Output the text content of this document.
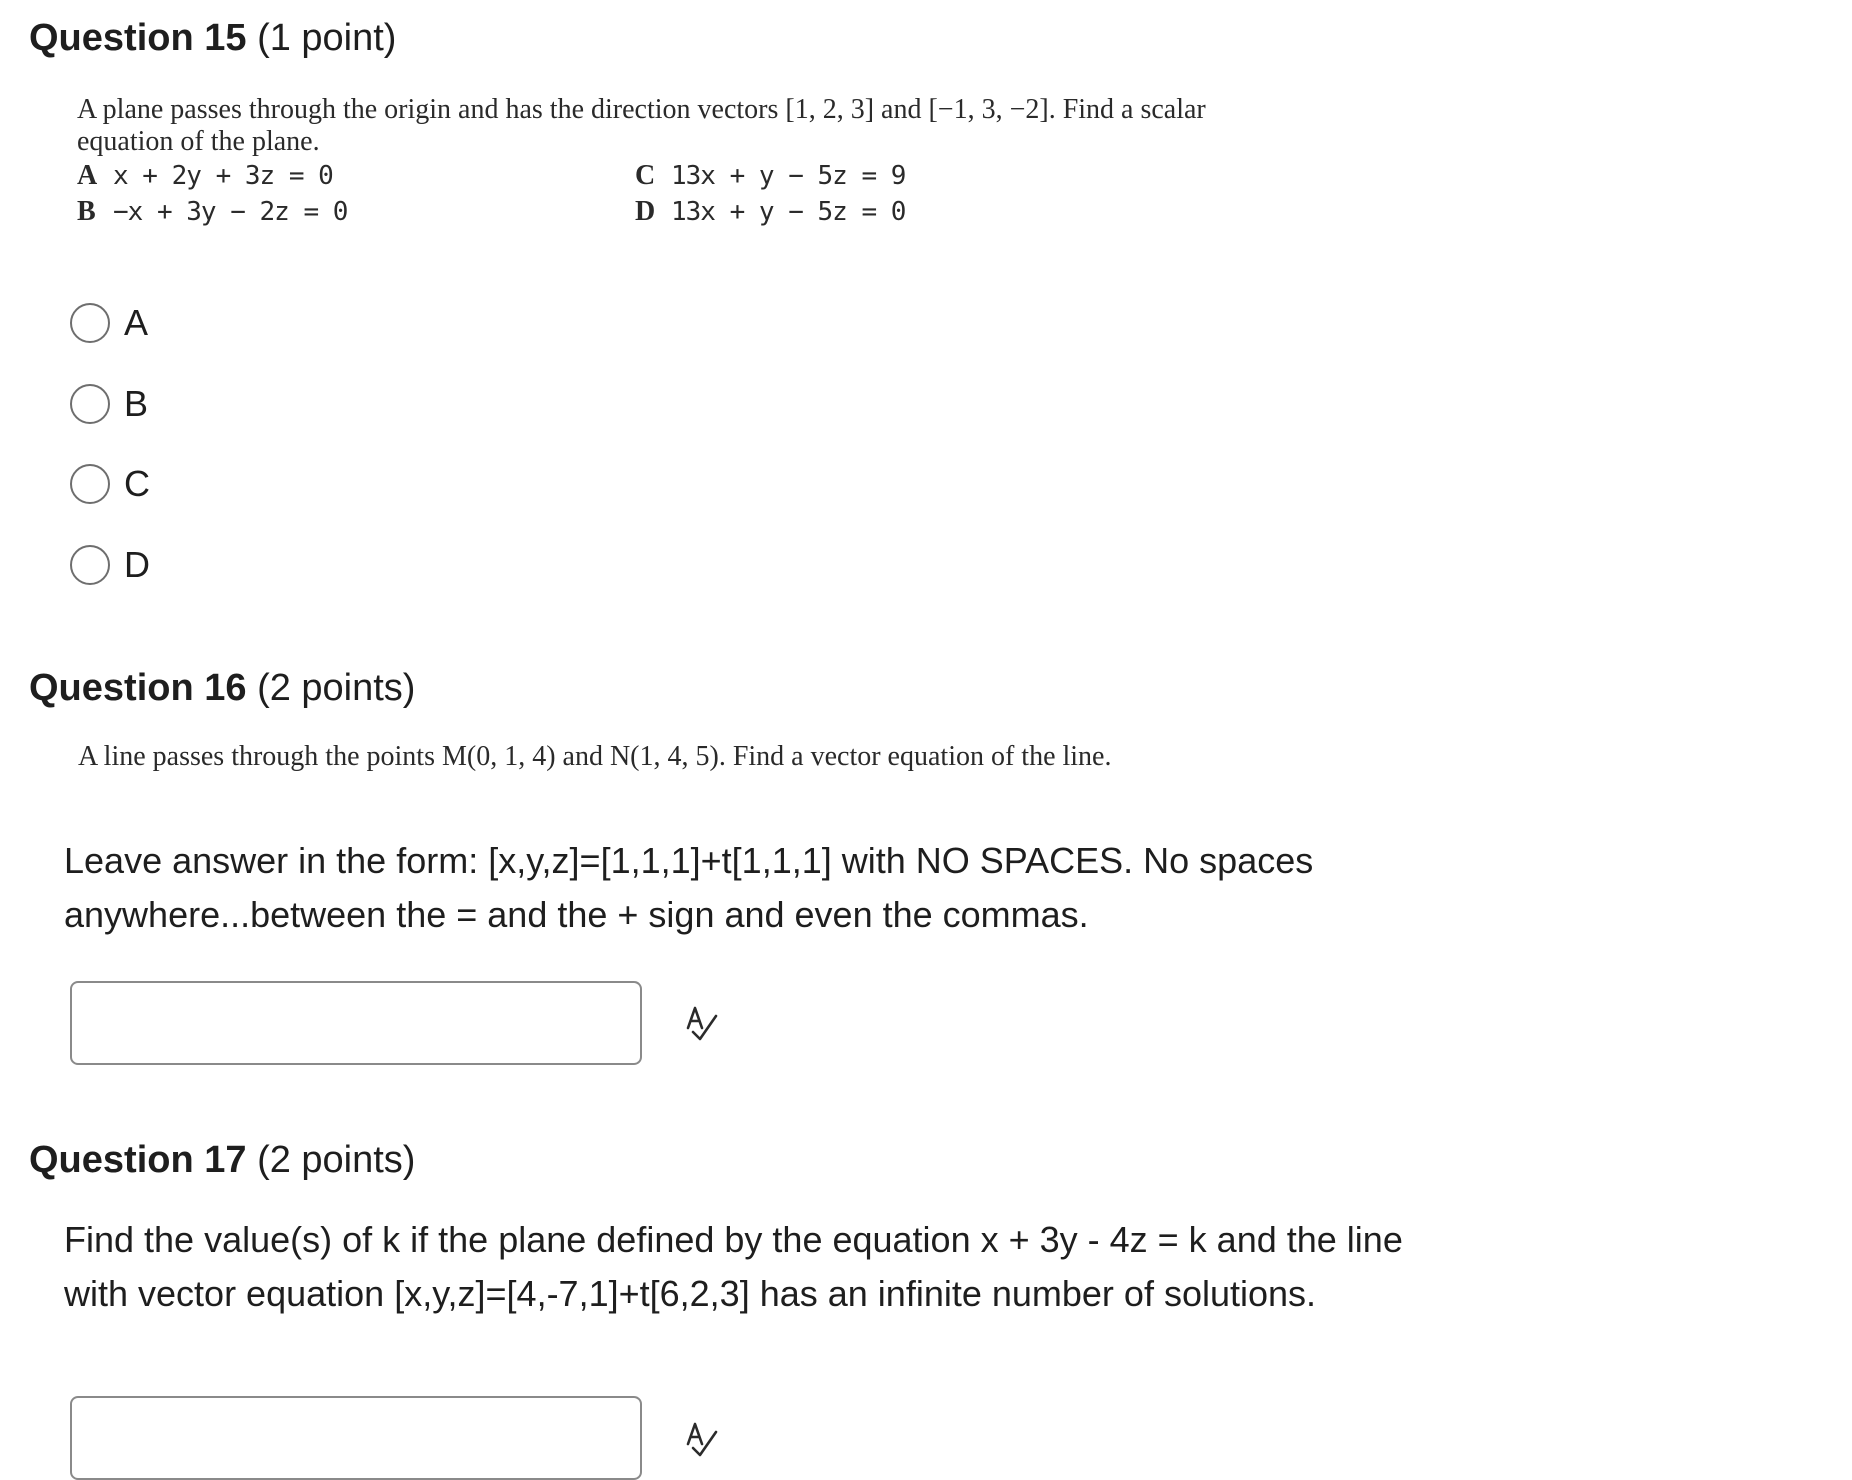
Question 15 (1 point)
A plane passes through the origin and has the direction vectors [1, 2, 3] and [−1, 3, −2]. Find a scalar
equation of the plane.
A x + 2y + 3z = 0
B −x + 3y − 2z = 0
C 13x + y − 5z = 9
D 13x + y − 5z = 0
A
B
C
D
Question 16 (2 points)
A line passes through the points M(0, 1, 4) and N(1, 4, 5). Find a vector equation of the line.
Leave answer in the form: [x,y,z]=[1,1,1]+t[1,1,1] with NO SPACES. No spaces
anywhere...between the = and the + sign and even the commas.
Question 17 (2 points)
Find the value(s) of k if the plane defined by the equation x + 3y - 4z = k and the line
with vector equation [x,y,z]=[4,-7,1]+t[6,2,3] has an infinite number of solutions.
